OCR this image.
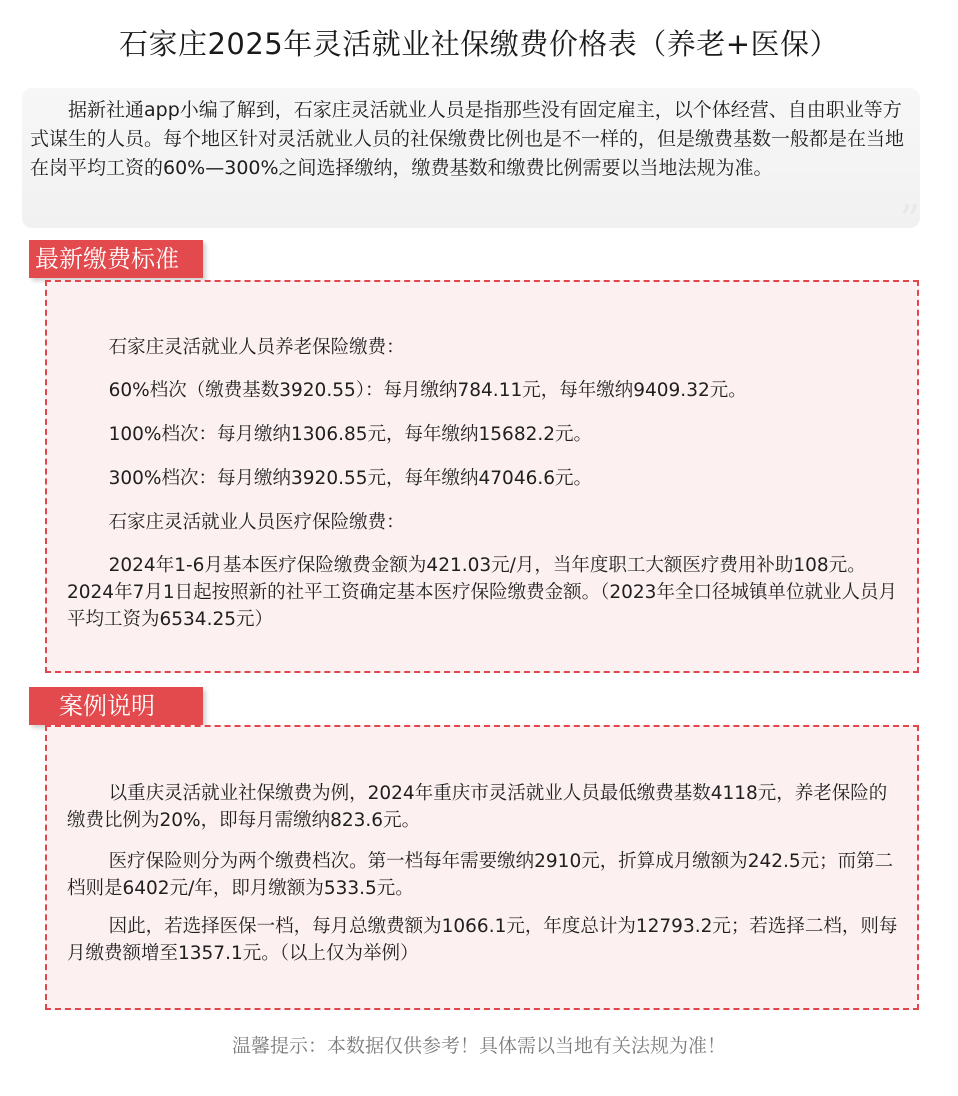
石家庄2025年灵活就业社保缴费价格表（养老+医保）
据新社通app小编了解到，石家庄灵活就业人员是指那些没有固定雇主，以个体经营、自由职业等方式谋生的人员。每个地区针对灵活就业人员的社保缴费比例也是不一样的，但是缴费基数一般都是在当地在岗平均工资的60%—300%之间选择缴纳，缴费基数和缴费比例需要以当地法规为准。
”
最新缴费标准
石家庄灵活就业人员养老保险缴费：
60%档次（缴费基数3920.55）：每月缴纳784.11元，每年缴纳9409.32元。
100%档次：每月缴纳1306.85元，每年缴纳15682.2元。
300%档次：每月缴纳3920.55元，每年缴纳47046.6元。
石家庄灵活就业人员医疗保险缴费：
2024年1-6月基本医疗保险缴费金额为421.03元/月，当年度职工大额医疗费用补助108元。2024年7月1日起按照新的社平工资确定基本医疗保险缴费金额。（2023年全口径城镇单位就业人员月平均工资为6534.25元）
案例说明
以重庆灵活就业社保缴费为例，2024年重庆市灵活就业人员最低缴费基数4118元，养老保险的缴费比例为20%，即每月需缴纳823.6元。
医疗保险则分为两个缴费档次。第一档每年需要缴纳2910元，折算成月缴额为242.5元；而第二档则是6402元/年，即月缴额为533.5元。
因此，若选择医保一档，每月总缴费额为1066.1元，年度总计为12793.2元；若选择二档，则每月缴费额增至1357.1元。（以上仅为举例）
温馨提示：本数据仅供参考！具体需以当地有关法规为准！
